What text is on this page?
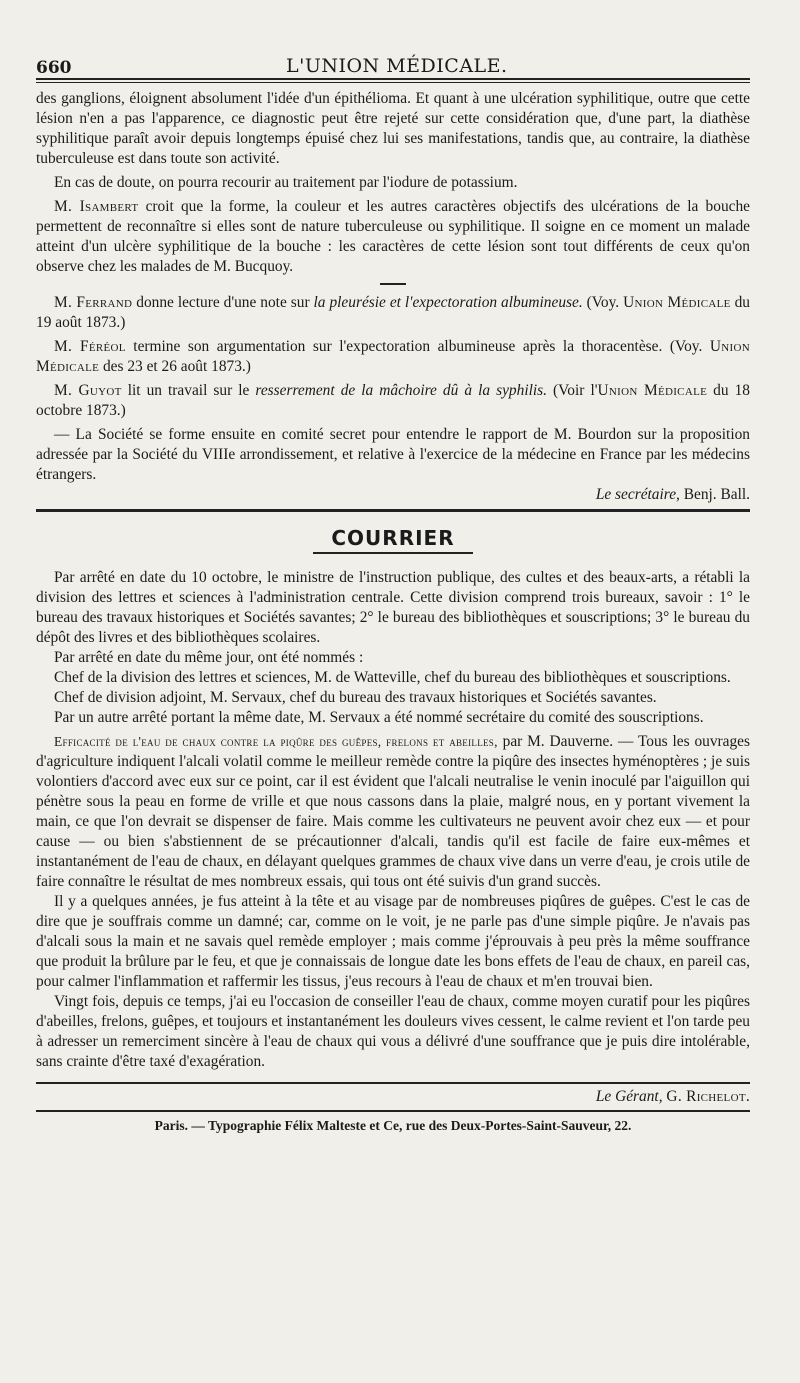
660	L'UNION MÉDICALE.

des ganglions, éloignent absolument l'idée d'un épithélioma. Et quant à une ulcération syphilitique, outre que cette lésion n'en a pas l'apparence, ce diagnostic peut être rejeté sur cette considération que, d'une part, la diathèse syphilitique paraît avoir depuis longtemps épuisé chez lui ses manifestations, tandis que, au contraire, la diathèse tuberculeuse est dans toute son activité.

En cas de doute, on pourra recourir au traitement par l'iodure de potassium.

M. Isambert croit que la forme, la couleur et les autres caractères objectifs des ulcérations de la bouche permettent de reconnaître si elles sont de nature tuberculeuse ou syphilitique. Il soigne en ce moment un malade atteint d'un ulcère syphilitique de la bouche : les caractères de cette lésion sont tout différents de ceux qu'on observe chez les malades de M. Bucquoy.

M. Ferrand donne lecture d'une note sur la pleurésie et l'expectoration albumineuse. (Voy. Union Médicale du 19 août 1873.)

M. Féréol termine son argumentation sur l'expectoration albumineuse après la thoracentèse. (Voy. Union Médicale des 23 et 26 août 1873.)

M. Guyot lit un travail sur le resserrement de la mâchoire dû à la syphilis. (Voir l'Union Médicale du 18 octobre 1873.)

— La Société se forme ensuite en comité secret pour entendre le rapport de M. Bourdon sur la proposition adressée par la Société du VIIIe arrondissement, et relative à l'exercice de la médecine en France par les médecins étrangers.

Le secrétaire, Benj. Ball.
COURRIER

Par arrêté en date du 10 octobre, le ministre de l'instruction publique, des cultes et des beaux-arts, a rétabli la division des lettres et sciences à l'administration centrale. Cette division comprend trois bureaux, savoir : 1° le bureau des travaux historiques et Sociétés savantes; 2° le bureau des bibliothèques et souscriptions; 3° le bureau du dépôt des livres et des bibliothèques scolaires.

Par arrêté en date du même jour, ont été nommés :

Chef de la division des lettres et sciences, M. de Watteville, chef du bureau des bibliothèques et souscriptions.

Chef de division adjoint, M. Servaux, chef du bureau des travaux historiques et Sociétés savantes.

Par un autre arrêté portant la même date, M. Servaux a été nommé secrétaire du comité des souscriptions.

Efficacité de l'eau de chaux contre la piqûre des guêpes, frelons et abeilles, par M. Dauverne. — Tous les ouvrages d'agriculture indiquent l'alcali volatil comme le meilleur remède contre la piqûre des insectes hyménoptères ; je suis volontiers d'accord avec eux sur ce point, car il est évident que l'alcali neutralise le venin inoculé par l'aiguillon qui pénètre sous la peau en forme de vrille et que nous cassons dans la plaie, malgré nous, en y portant vivement la main, ce que l'on devrait se dispenser de faire. Mais comme les cultivateurs ne peuvent avoir chez eux — et pour cause — ou bien s'abstiennent de se précautionner d'alcali, tandis qu'il est facile de faire eux-mêmes et instantanément de l'eau de chaux, en délayant quelques grammes de chaux vive dans un verre d'eau, je crois utile de faire connaître le résultat de mes nombreux essais, qui tous ont été suivis d'un grand succès.

Il y a quelques années, je fus atteint à la tête et au visage par de nombreuses piqûres de guêpes. C'est le cas de dire que je souffrais comme un damné; car, comme on le voit, je ne parle pas d'une simple piqûre. Je n'avais pas d'alcali sous la main et ne savais quel remède employer ; mais comme j'éprouvais à peu près la même souffrance que produit la brûlure par le feu, et que je connaissais de longue date les bons effets de l'eau de chaux, en pareil cas, pour calmer l'inflammation et raffermir les tissus, j'eus recours à l'eau de chaux et m'en trouvai bien.

Vingt fois, depuis ce temps, j'ai eu l'occasion de conseiller l'eau de chaux, comme moyen curatif pour les piqûres d'abeilles, frelons, guêpes, et toujours et instantanément les douleurs vives cessent, le calme revient et l'on tarde peu à adresser un remerciment sincère à l'eau de chaux qui vous a délivré d'une souffrance que je puis dire intolérable, sans crainte d'être taxé d'exagération.

Le Gérant, G. Richelot.
Paris. — Typographie Félix Malteste et Ce, rue des Deux-Portes-Saint-Sauveur, 22.
